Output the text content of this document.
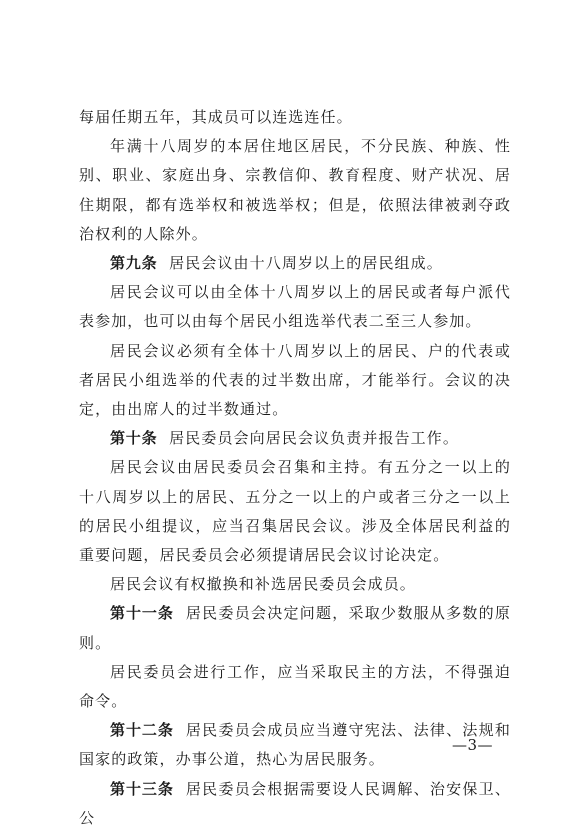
每届任期五年，其成员可以连选连任。

年满十八周岁的本居住地区居民，不分民族、种族、性别、职业、家庭出身、宗教信仰、教育程度、财产状况、居住期限，都有选举权和被选举权；但是，依照法律被剥夺政治权利的人除外。

第九条 居民会议由十八周岁以上的居民组成。

居民会议可以由全体十八周岁以上的居民或者每户派代表参加，也可以由每个居民小组选举代表二至三人参加。

居民会议必须有全体十八周岁以上的居民、户的代表或者居民小组选举的代表的过半数出席，才能举行。会议的决定，由出席人的过半数通过。

第十条 居民委员会向居民会议负责并报告工作。

居民会议由居民委员会召集和主持。有五分之一以上的十八周岁以上的居民、五分之一以上的户或者三分之一以上的居民小组提议，应当召集居民会议。涉及全体居民利益的重要问题，居民委员会必须提请居民会议讨论决定。

居民会议有权撤换和补选居民委员会成员。

第十一条 居民委员会决定问题，采取少数服从多数的原则。

居民委员会进行工作，应当采取民主的方法，不得强迫命令。

第十二条 居民委员会成员应当遵守宪法、法律、法规和国家的政策，办事公道，热心为居民服务。

第十三条 居民委员会根据需要设人民调解、治安保卫、公

—3—
